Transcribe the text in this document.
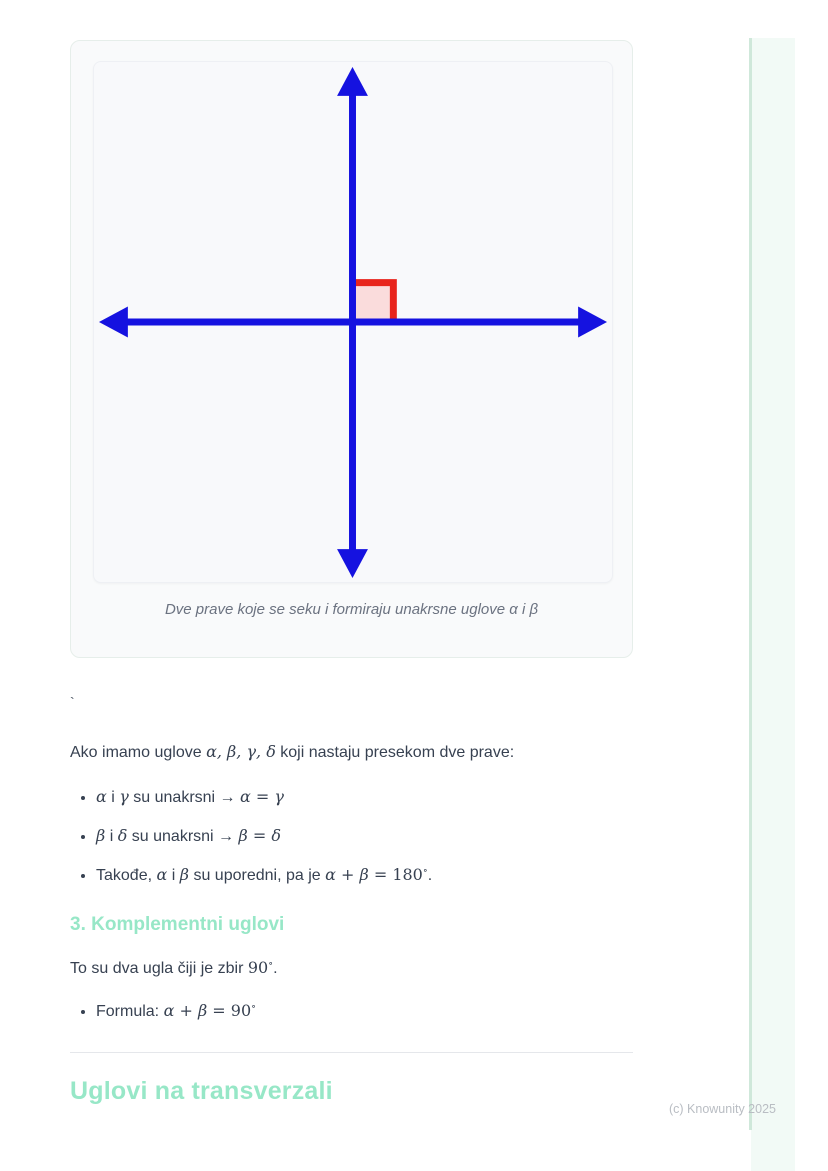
Dve prave koje se seku i formiraju unakrsne uglove α i β
`

Ako imamo uglove α, β, γ, δ koji nastaju presekom dve prave:

• α i γ su unakrsni → α = γ
• β i δ su unakrsni → β = δ
• Takođe, α i β su uporedni, pa je α + β = 180∘.
3. Komplementni uglovi

To su dva ugla čiji je zbir 90∘.

• Formula: α + β = 90∘
Uglovi na transverzali
(c) Knowunity 2025
